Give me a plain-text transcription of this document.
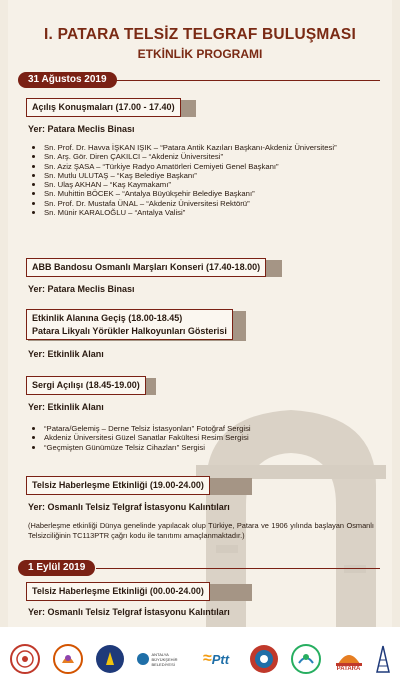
I. PATARA TELSİZ TELGRAF BULUŞMASI
ETKİNLİK PROGRAMI
31 Ağustos 2019
Açılış Konuşmaları (17.00 - 17.40)
Yer: Patara Meclis Binası
Sn. Prof. Dr. Havva İŞKAN IŞIK – “Patara Antik Kazıları Başkanı-Akdeniz Üniversitesi”
Sn. Arş. Gör. Diren ÇAKILCI – “Akdeniz Üniversitesi”
Sn. Aziz ŞASA – “Türkiye Radyo Amatörleri Cemiyeti Genel Başkanı”
Sn. Mutlu ULUTAŞ – “Kaş Belediye Başkanı”
Sn. Ulaş AKHAN – “Kaş Kaymakamı”
Sn. Muhittin BÖCEK – “Antalya Büyükşehir Belediye Başkanı”
Sn. Prof. Dr. Mustafa ÜNAL – “Akdeniz Üniversitesi Rektörü”
Sn. Münir KARALOĞLU – “Antalya Valisi”
ABB Bandosu Osmanlı Marşları Konseri (17.40-18.00)
Yer: Patara Meclis Binası
Etkinlik Alanına Geçiş (18.00-18.45)
Patara Likyalı Yörükler Halkoyunları Gösterisi
Yer: Etkinlik Alanı
Sergi Açılışı (18.45-19.00)
Yer: Etkinlik Alanı
“Patara/Gelemiş – Derne Telsiz İstasyonları” Fotoğraf Sergisi
Akdeniz Üniversitesi Güzel Sanatlar Fakültesi Resim Sergisi
“Geçmişten Günümüze Telsiz Cihazları” Sergisi
Telsiz Haberleşme Etkinliği (19.00-24.00)
Yer: Osmanlı Telsiz Telgraf İstasyonu Kalıntıları
(Haberleşme etkinliği Dünya genelinde yapılacak olup Türkiye, Patara ve 1906 yılında başlayan Osmanlı Telsizciliğinin TC113PTR çağrı kodu ile tanıtımı amaçlanmaktadır.)
1 Eylül 2019
Telsiz Haberleşme Etkinliği (00.00-24.00)
Yer: Osmanlı Telsiz Telgraf İstasyonu Kalıntıları
ANTALYA BÜYÜKŞEHİR BELEDİYESİ	≈ Ptt
PATARA
